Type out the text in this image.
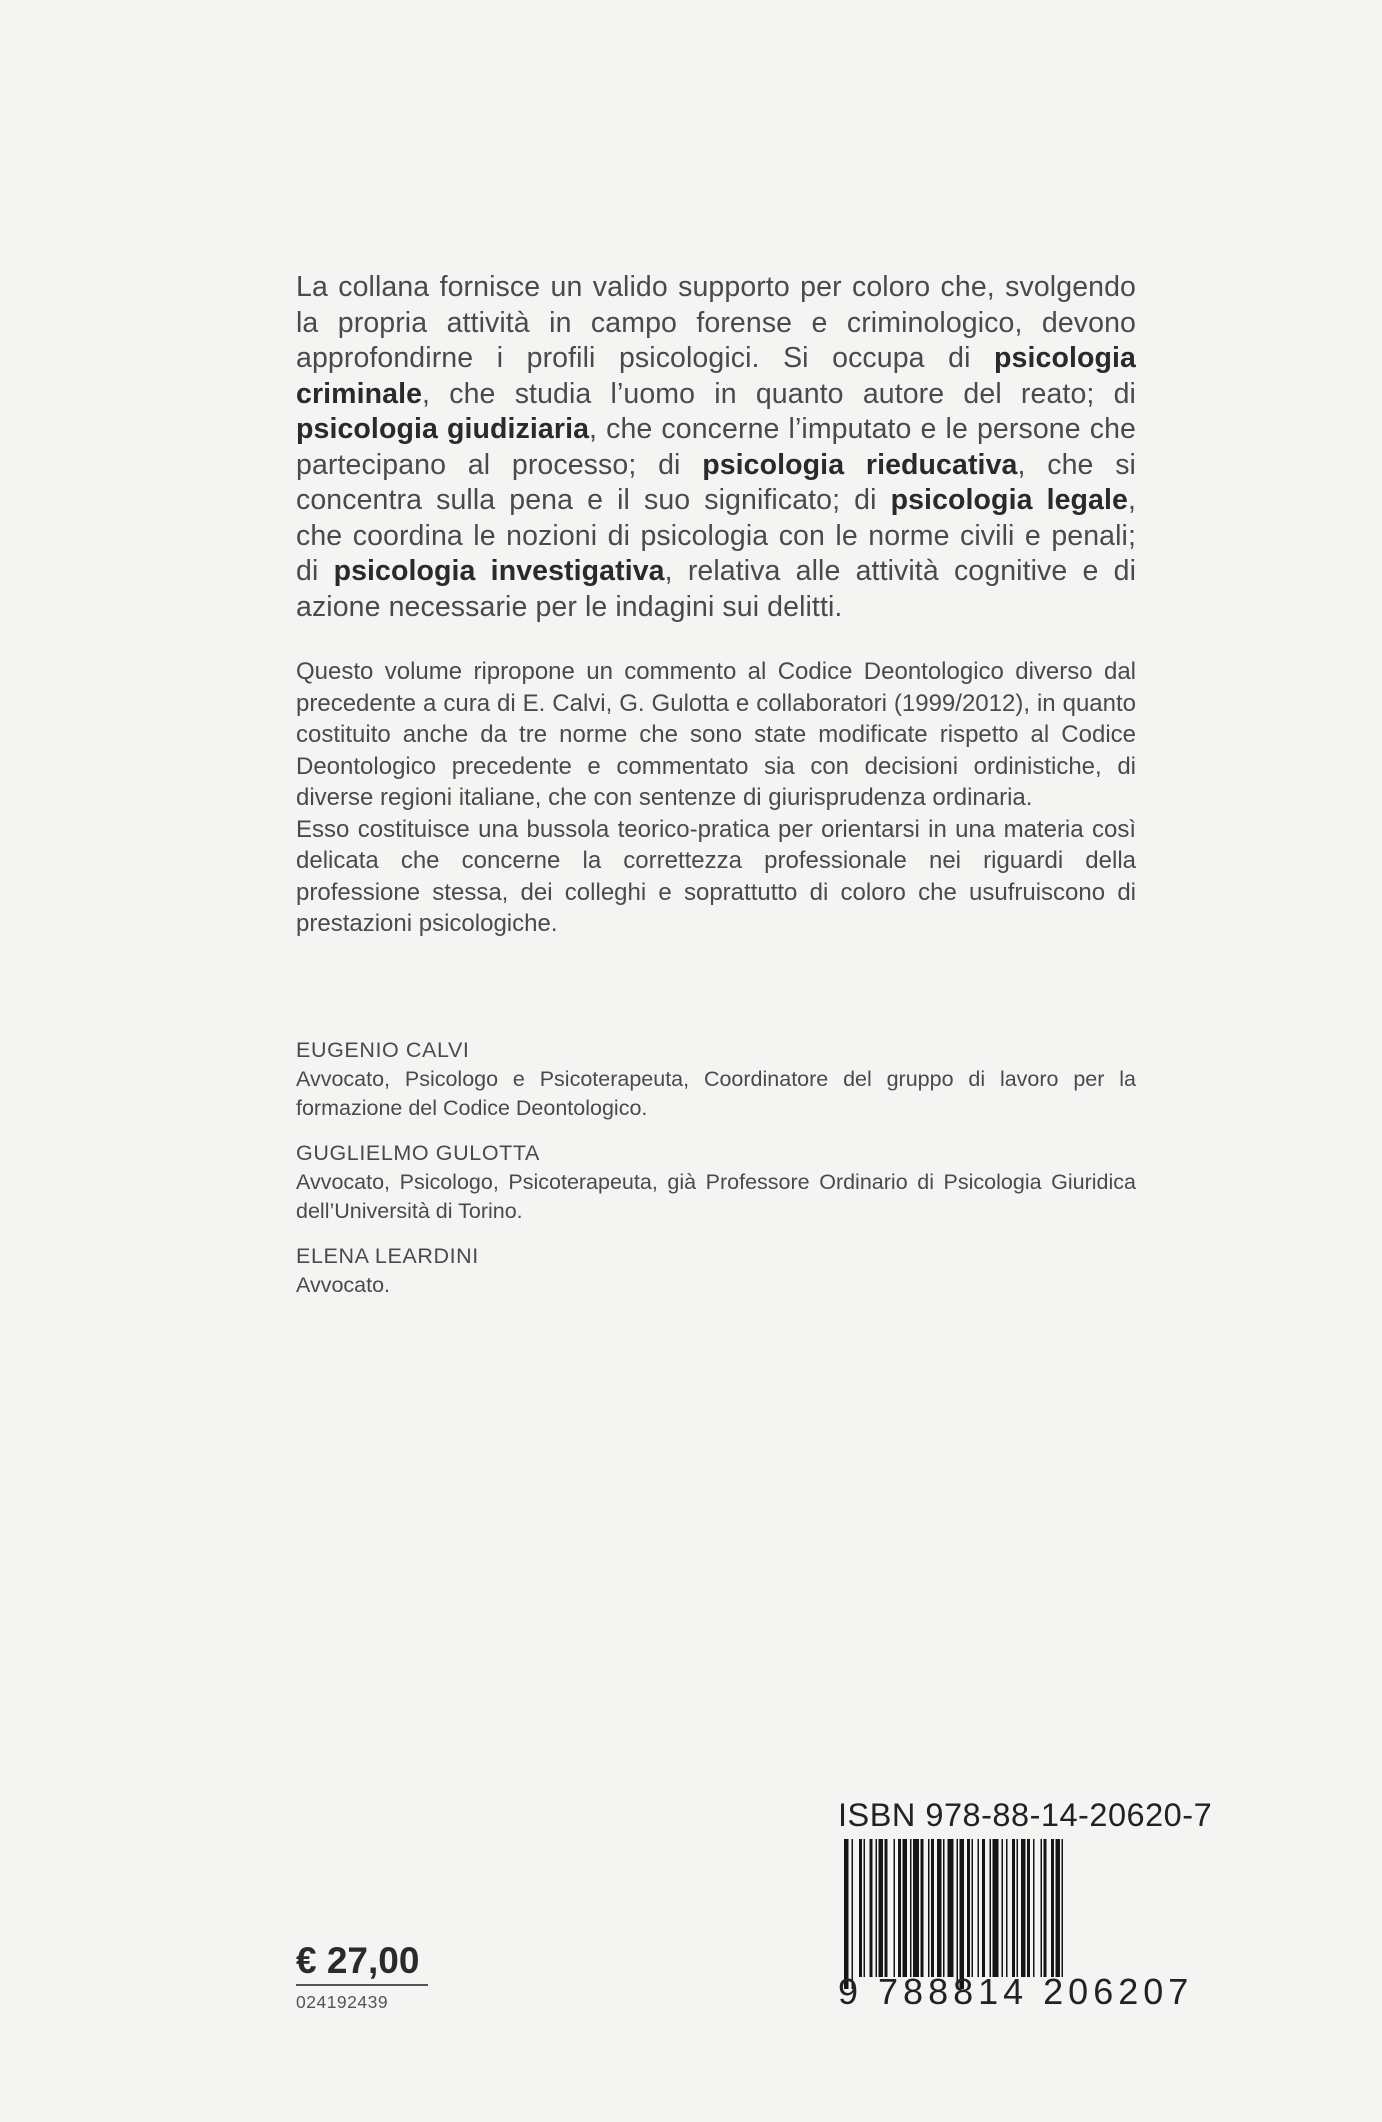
La collana fornisce un valido supporto per coloro che, svolgendo la propria attività in campo forense e criminologico, devono approfondirne i profili psicologici. Si occupa di psicologia criminale, che studia l’uomo in quanto autore del reato; di psicologia giudiziaria, che concerne l’imputato e le persone che partecipano al processo; di psicologia rieducativa, che si concentra sulla pena e il suo significato; di psicologia legale, che coordina le nozioni di psicologia con le norme civili e penali; di psicologia investigativa, relativa alle attività cognitive e di azione necessarie per le indagini sui delitti.

Questo volume ripropone un commento al Codice Deontologico diverso dal precedente a cura di E. Calvi, G. Gulotta e collaboratori (1999/2012), in quanto costituito anche da tre norme che sono state modificate rispetto al Codice Deontologico precedente e commentato sia con decisioni ordinistiche, di diverse regioni italiane, che con sentenze di giurisprudenza ordinaria.

Esso costituisce una bussola teorico-pratica per orientarsi in una materia così delicata che concerne la correttezza professionale nei riguardi della professione stessa, dei colleghi e soprattutto di coloro che usufruiscono di prestazioni psicologiche.

EUGENIO CALVI
Avvocato, Psicologo e Psicoterapeuta, Coordinatore del gruppo di lavoro per la formazione del Codice Deontologico.
GUGLIELMO GULOTTA
Avvocato, Psicologo, Psicoterapeuta, già Professore Ordinario di Psicologia Giuridica dell’Università di Torino.
ELENA LEARDINI
Avvocato.
€ 27,00
024192439
ISBN 978-88-14-20620-7
9 788814 206207
